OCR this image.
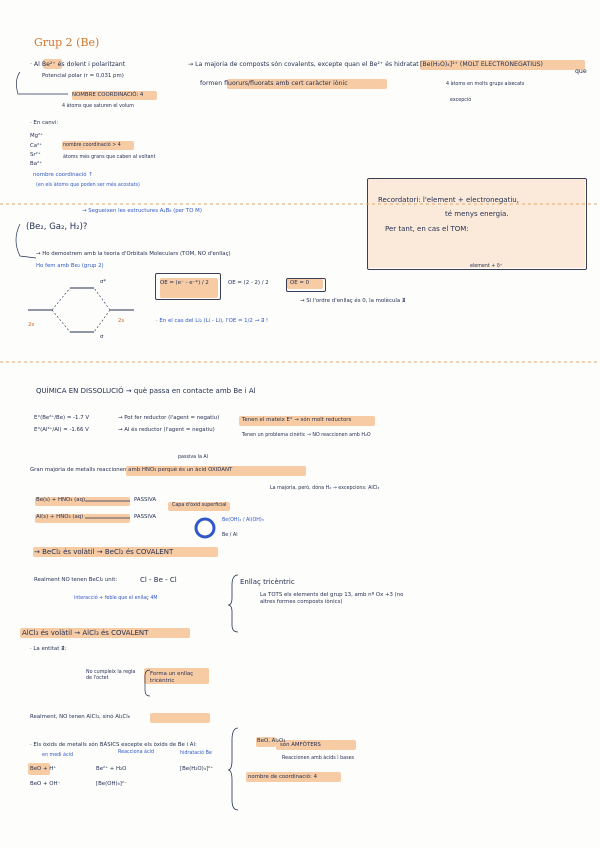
Grup 2 (Be)
· Al Be²⁺ és dolent i polaritzant	→ La majoria de composts són covalents, excepte quan el Be²⁺ és hidratat [Be(H₂O)₄]²⁺ (MOLT ELECTRONEGATIUS)
que
Potencial polar (r = 0,031 pm)
formen fluorurs/fluorats amb cert caràcter iònic	4 àtoms en molts grups aixecats
excepció
NOMBRE COORDINACIÓ: 4
4 àtoms que saturen el volum
· En canvi:
Mg²⁺
Ca²⁺
Sr²⁺
Ba²⁺
nombre coordinació > 4
àtoms més grans que caben al voltant
nombre coordinació ↑
(en els àtoms que poden ser més acostats)
Recordatori: l'element + electronegatiu,
té menys energia.
Per tant, en cas el TOM:
element + δ⁺
→ Segueixen les estructures A₂B₆ (per TO M)
(Be₂, Ga₂, H₂)?
→ Ho demostrem amb la teoria d'Orbitals Moleculars (TOM, NO d'enllaç)
Ho fem amb Be₂ (grup 2)
OE = (e⁻ - e⁻*) / 2	OE = (2 - 2) / 2	OE = 0
→ Si l'ordre d'enllaç és 0, la molècula ∄
· En el cas del Li₂ (Li - Li), l'OE = 1/2 → ∃ !
2s
2s
σ*
σ
QUÍMICA EN DISSOLUCIÓ → què passa en contacte amb Be i Al
E°(Be²⁺/Be) = -1.7 V	→ Pot fer reductor (l'agent = negatiu)
E°(Al³⁺/Al) = -1.66 V	→ Al és reductor (l'agent = negatiu)
Tenen el mateix E° → són molt reductors
Tenen un problema cinètic → NO reaccionen amb H₂O
passiva la Al
Gran majoria de metalls reaccionen amb HNO₃ perquè és un àcid OXIDANT
La majoria, però, dóna H₂ → excepcions: AlCl₃
Be(s) + HNO₃ (aq)	PASSIVA
Al(s) + HNO₃ (aq)	PASSIVA
Capa d'òxid superficial
Be(OH)₂ / Al(OH)₃
Be / Al
→ BeCl₂ és volàtil → BeCl₂ és COVALENT
Realment NO tenen BeCl₂ unit:	Cl - Be - Cl
interacció + feble que el enllaç 4M
Enllaç tricèntric
La TOTS els elements del grup 13, amb nº Ox +3 (no altres formes composts iònics)
AlCl₃ és volàtil → AlCl₃ és COVALENT
· La entitat ∄:
No cumpleix la regla de l'octet
Forma un enllaç tricèntric
Realment, NO tenen AlCl₃, sinó Al₂Cl₆
· Els òxids de metalls són BÀSICS excepte els òxids de Be i Al:
BeO, Al₂O₃
són AMFÒTERS
Reaccionen amb àcids i bases
en medi àcid
Reacciona àcid	hidratació Be
BeO + H⁺	Be²⁺ + H₂O	[Be(H₂O)₄]²⁺
nombre de coordinació: 4
BeO + OH⁻	[Be(OH)₄]²⁻
